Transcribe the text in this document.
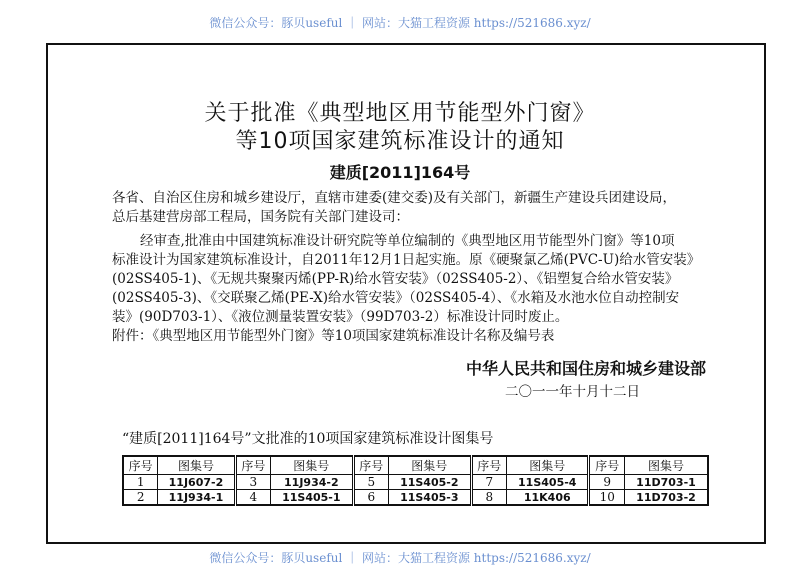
微信公众号：豚贝useful ｜ 网站：大猫工程资源 https://521686.xyz/
关于批准《典型地区用节能型外门窗》
等10项国家建筑标准设计的通知
建质[2011]164号
各省、自治区住房和城乡建设厅，直辖市建委(建交委)及有关部门，新疆生产建设兵团建设局，
总后基建营房部工程局，国务院有关部门建设司：
经审查,批准由中国建筑标准设计研究院等单位编制的《典型地区用节能型外门窗》等10项
标准设计为国家建筑标准设计，自2011年12月1日起实施。原《硬聚氯乙烯(PVC-U)给水管安装》
(02SS405-1)、《无规共聚聚丙烯(PP-R)给水管安装》（02SS405-2）、《铝塑复合给水管安装》
(02SS405-3)、《交联聚乙烯(PE-X)给水管安装》（02SS405-4）、《水箱及水池水位自动控制安
装》(90D703-1）、《液位测量装置安装》（99D703-2）标准设计同时废止。
附件：《典型地区用节能型外门窗》等10项国家建筑标准设计名称及编号表
中华人民共和国住房和城乡建设部
二〇一一年十月十二日
“建质[2011]164号”文批准的10项国家建筑标准设计图集号
序号	图集号	序号	图集号	序号	图集号	序号	图集号	序号	图集号
1	11J607-2	3	11J934-2	5	11S405-2	7	11S405-4	9	11D703-1
2	11J934-1	4	11S405-1	6	11S405-3	8	11K406	10	11D703-2
微信公众号：豚贝useful ｜ 网站：大猫工程资源 https://521686.xyz/
